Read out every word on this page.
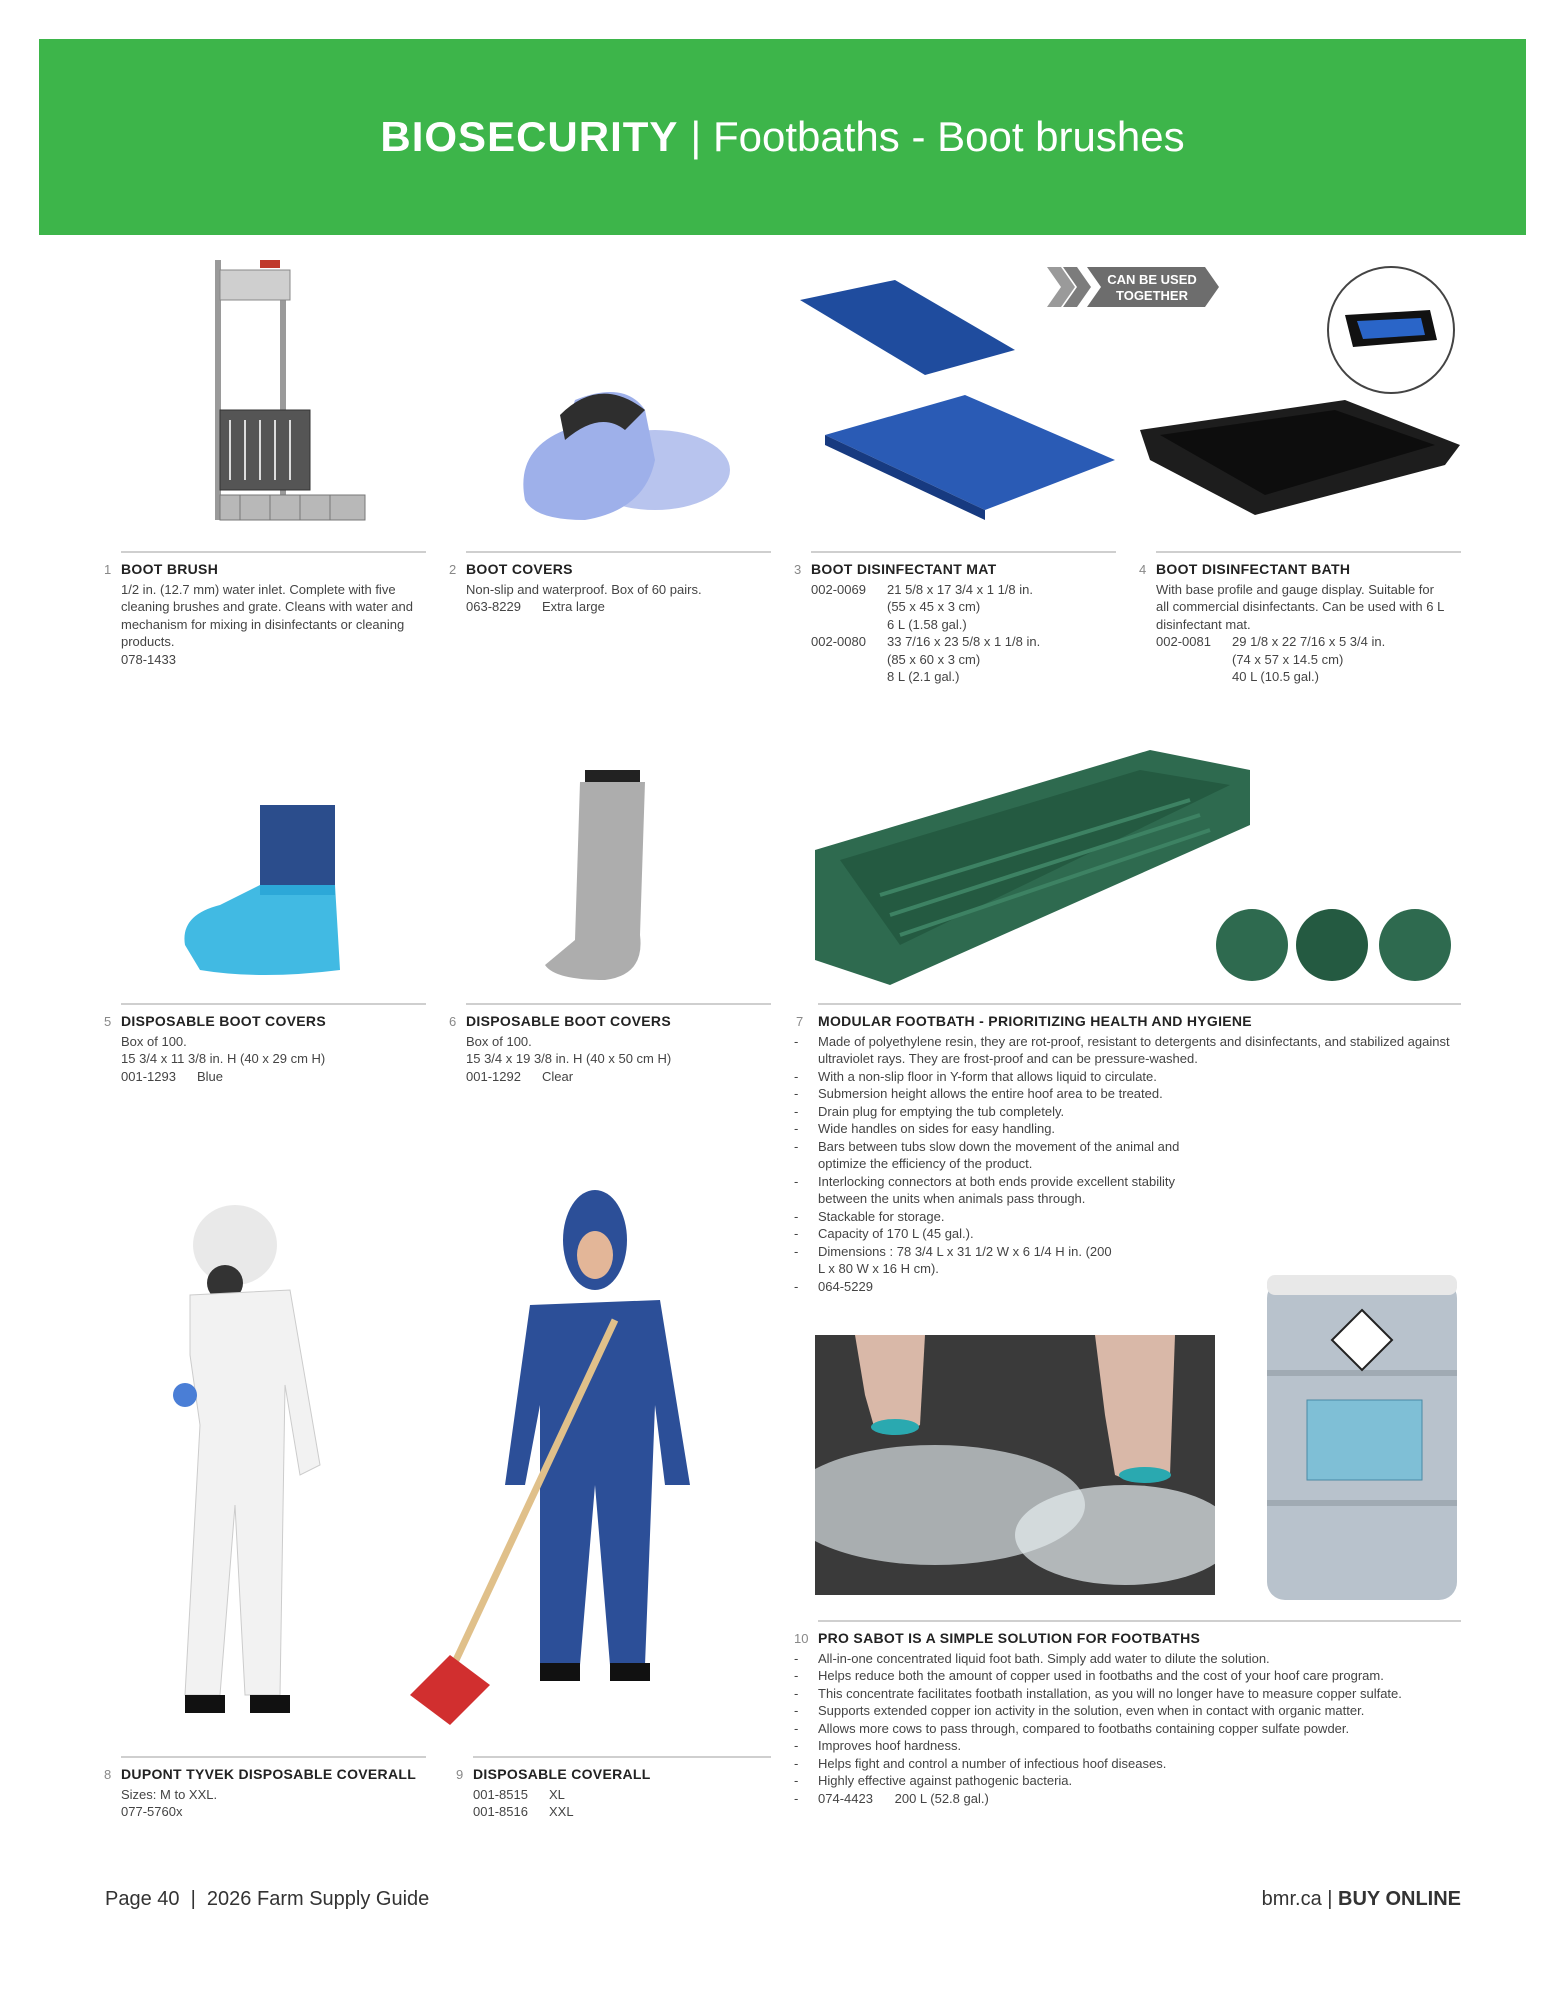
BIOSECURITY | Footbaths - Boot brushes
CAN BE USED
TOGETHER
1 BOOT BRUSH
1/2 in. (12.7 mm) water inlet. Complete with five
cleaning brushes and grate. Cleans with water and
mechanism for mixing in disinfectants or cleaning
products.
078-1433
2 BOOT COVERS
Non-slip and waterproof. Box of 60 pairs.
063-8229	Extra large
3 BOOT DISINFECTANT MAT
002-0069	21 5/8 x 17 3/4 x 1 1/8 in.
(55 x 45 x 3 cm)
6 L (1.58 gal.)
002-0080	33 7/16 x 23 5/8 x 1 1/8 in.
(85 x 60 x 3 cm)
8 L (2.1 gal.)
4 BOOT DISINFECTANT BATH
With base profile and gauge display. Suitable for
all commercial disinfectants. Can be used with 6 L
disinfectant mat.
002-0081	29 1/8 x 22 7/16 x 5 3/4 in.
(74 x 57 x 14.5 cm)
40 L (10.5 gal.)
5 DISPOSABLE BOOT COVERS
Box of 100.
15 3/4 x 11 3/8 in. H (40 x 29 cm H)
001-1293	Blue
6 DISPOSABLE BOOT COVERS
Box of 100.
15 3/4 x 19 3/8 in. H (40 x 50 cm H)
001-1292	Clear
7 MODULAR FOOTBATH - PRIORITIZING HEALTH AND HYGIENE
- Made of polyethylene resin, they are rot-proof, resistant to detergents and disinfectants, and stabilized against ultraviolet rays. They are frost-proof and can be pressure-washed.
- With a non-slip floor in Y-form that allows liquid to circulate.
- Submersion height allows the entire hoof area to be treated.
- Drain plug for emptying the tub completely.
- Wide handles on sides for easy handling.
- Bars between tubs slow down the movement of the animal and optimize the efficiency of the product.
- Interlocking connectors at both ends provide excellent stability between the units when animals pass through.
- Stackable for storage.
- Capacity of 170 L (45 gal.).
- Dimensions : 78 3/4 L x 31 1/2 W x 6 1/4 H in. (200 L x 80 W x 16 H cm).
- 064-5229
8 DUPONT TYVEK DISPOSABLE COVERALL
Sizes: M to XXL.
077-5760x
9 DISPOSABLE COVERALL
001-8515	XL
001-8516	XXL
10 PRO SABOT IS A SIMPLE SOLUTION FOR FOOTBATHS
- All-in-one concentrated liquid foot bath. Simply add water to dilute the solution.
- Helps reduce both the amount of copper used in footbaths and the cost of your hoof care program.
- This concentrate facilitates footbath installation, as you will no longer have to measure copper sulfate.
- Supports extended copper ion activity in the solution, even when in contact with organic matter.
- Allows more cows to pass through, compared to footbaths containing copper sulfate powder.
- Improves hoof hardness.
- Helps fight and control a number of infectious hoof diseases.
- Highly effective against pathogenic bacteria.
- 074-4423      200 L (52.8 gal.)
Page 40  |  2026 Farm Supply Guide	bmr.ca | BUY ONLINE
